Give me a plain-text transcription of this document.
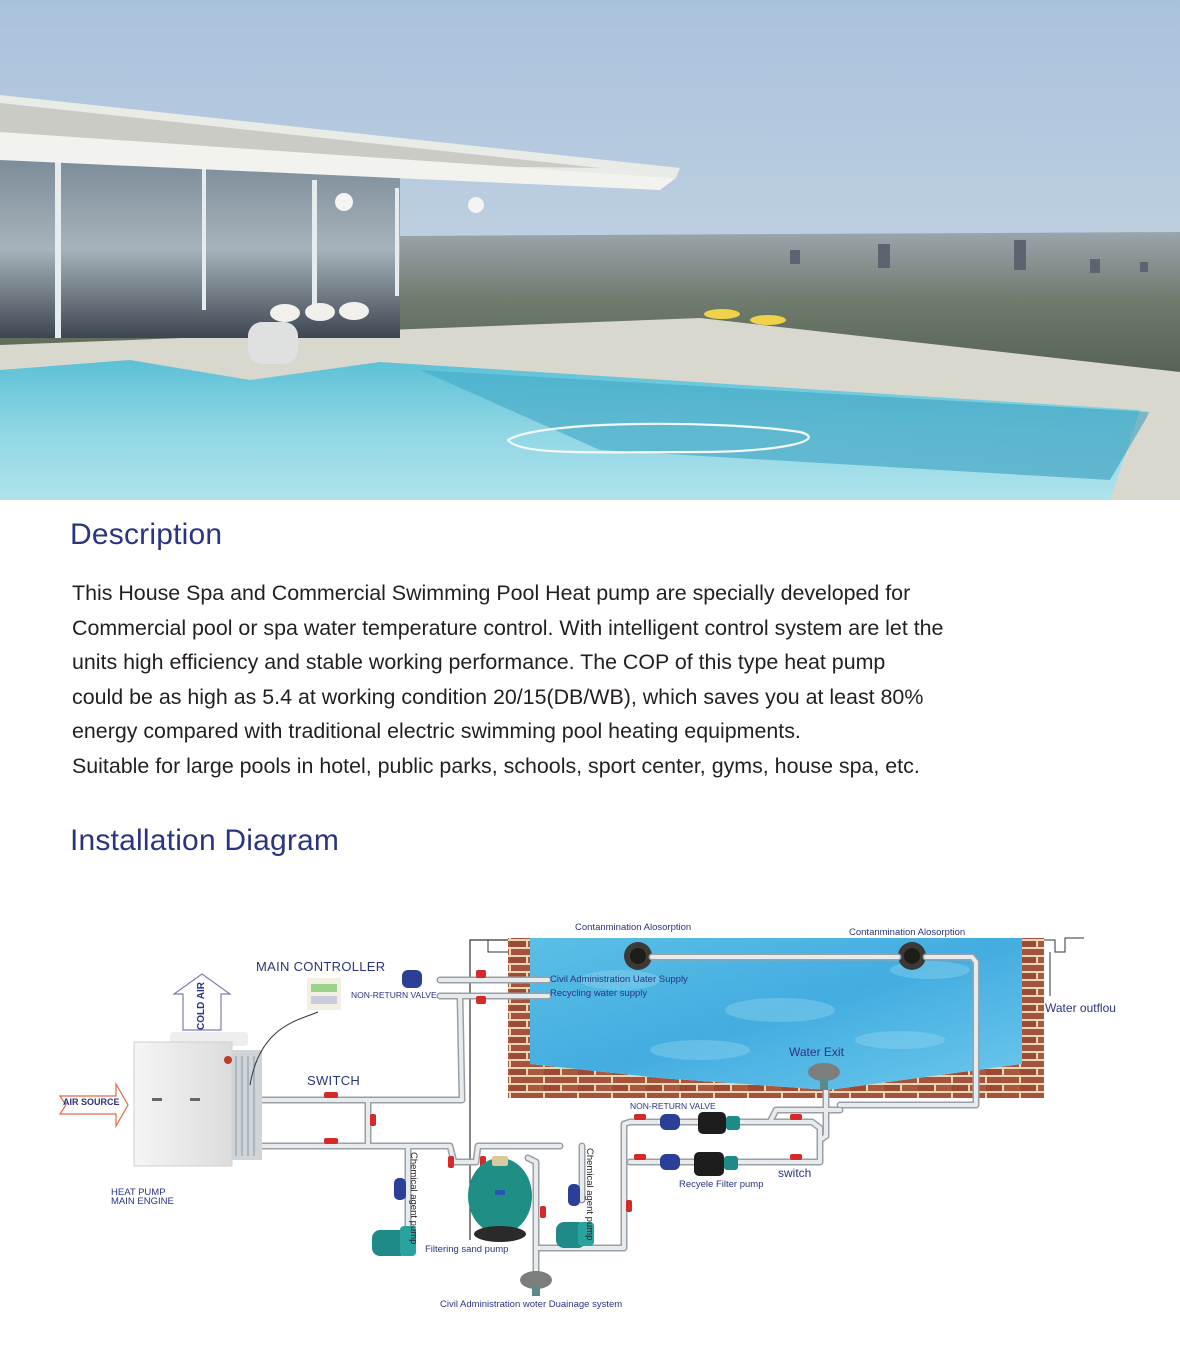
Description

This House Spa and Commercial Swimming Pool Heat pump are specially developed for

Commercial pool or spa water temperature control. With intelligent control system are let the

units high efficiency and stable working performance. The COP of this type heat pump

could be as high as 5.4 at working condition 20/15(DB/WB), which saves you at least 80%

energy compared with traditional electric swimming pool heating equipments.

Suitable for large pools in hotel, public parks, schools, sport center, gyms, house spa, etc.

Installation Diagram
Contanmination Alosorption	Contanmination Alosorption
MAIN CONTROLLER
NON-RETURN VALVE
Civil Administration Uater Supply
Recycling water supply
Water outflou
SWITCH
Water Exit
NON-RETURN VALVE
HEAT PUMP
MAIN ENGINE	Chemical agent pump	Chemical agent pump
Filtering sand pump
switch
Recyele Filter pump
Civil Administration woter Duainage system
AIR SOURCE
COLD AIR
